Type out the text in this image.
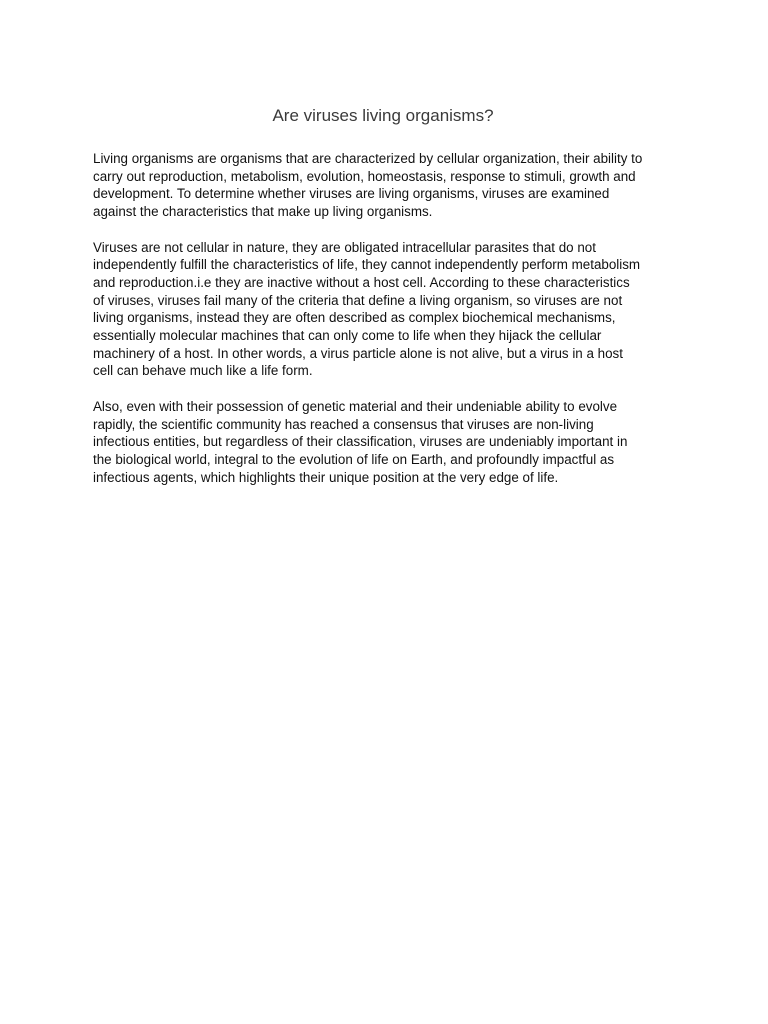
Are viruses living organisms?

Living organisms are organisms that are characterized by cellular organization, their ability to
carry out reproduction, metabolism, evolution, homeostasis, response to stimuli, growth and
development. To determine whether viruses are living organisms, viruses are examined
against the characteristics that make up living organisms.

Viruses are not cellular in nature, they are obligated intracellular parasites that do not
independently fulfill the characteristics of life, they cannot independently perform metabolism
and reproduction.i.e they are inactive without a host cell. According to these characteristics
of viruses, viruses fail many of the criteria that define a living organism, so viruses are not
living organisms, instead they are often described as complex biochemical mechanisms,
essentially molecular machines that can only come to life when they hijack the cellular
machinery of a host. In other words, a virus particle alone is not alive, but a virus in a host
cell can behave much like a life form.

Also, even with their possession of genetic material and their undeniable ability to evolve
rapidly, the scientific community has reached a consensus that viruses are non-living
infectious entities, but regardless of their classification, viruses are undeniably important in
the biological world, integral to the evolution of life on Earth, and profoundly impactful as
infectious agents, which highlights their unique position at the very edge of life.
